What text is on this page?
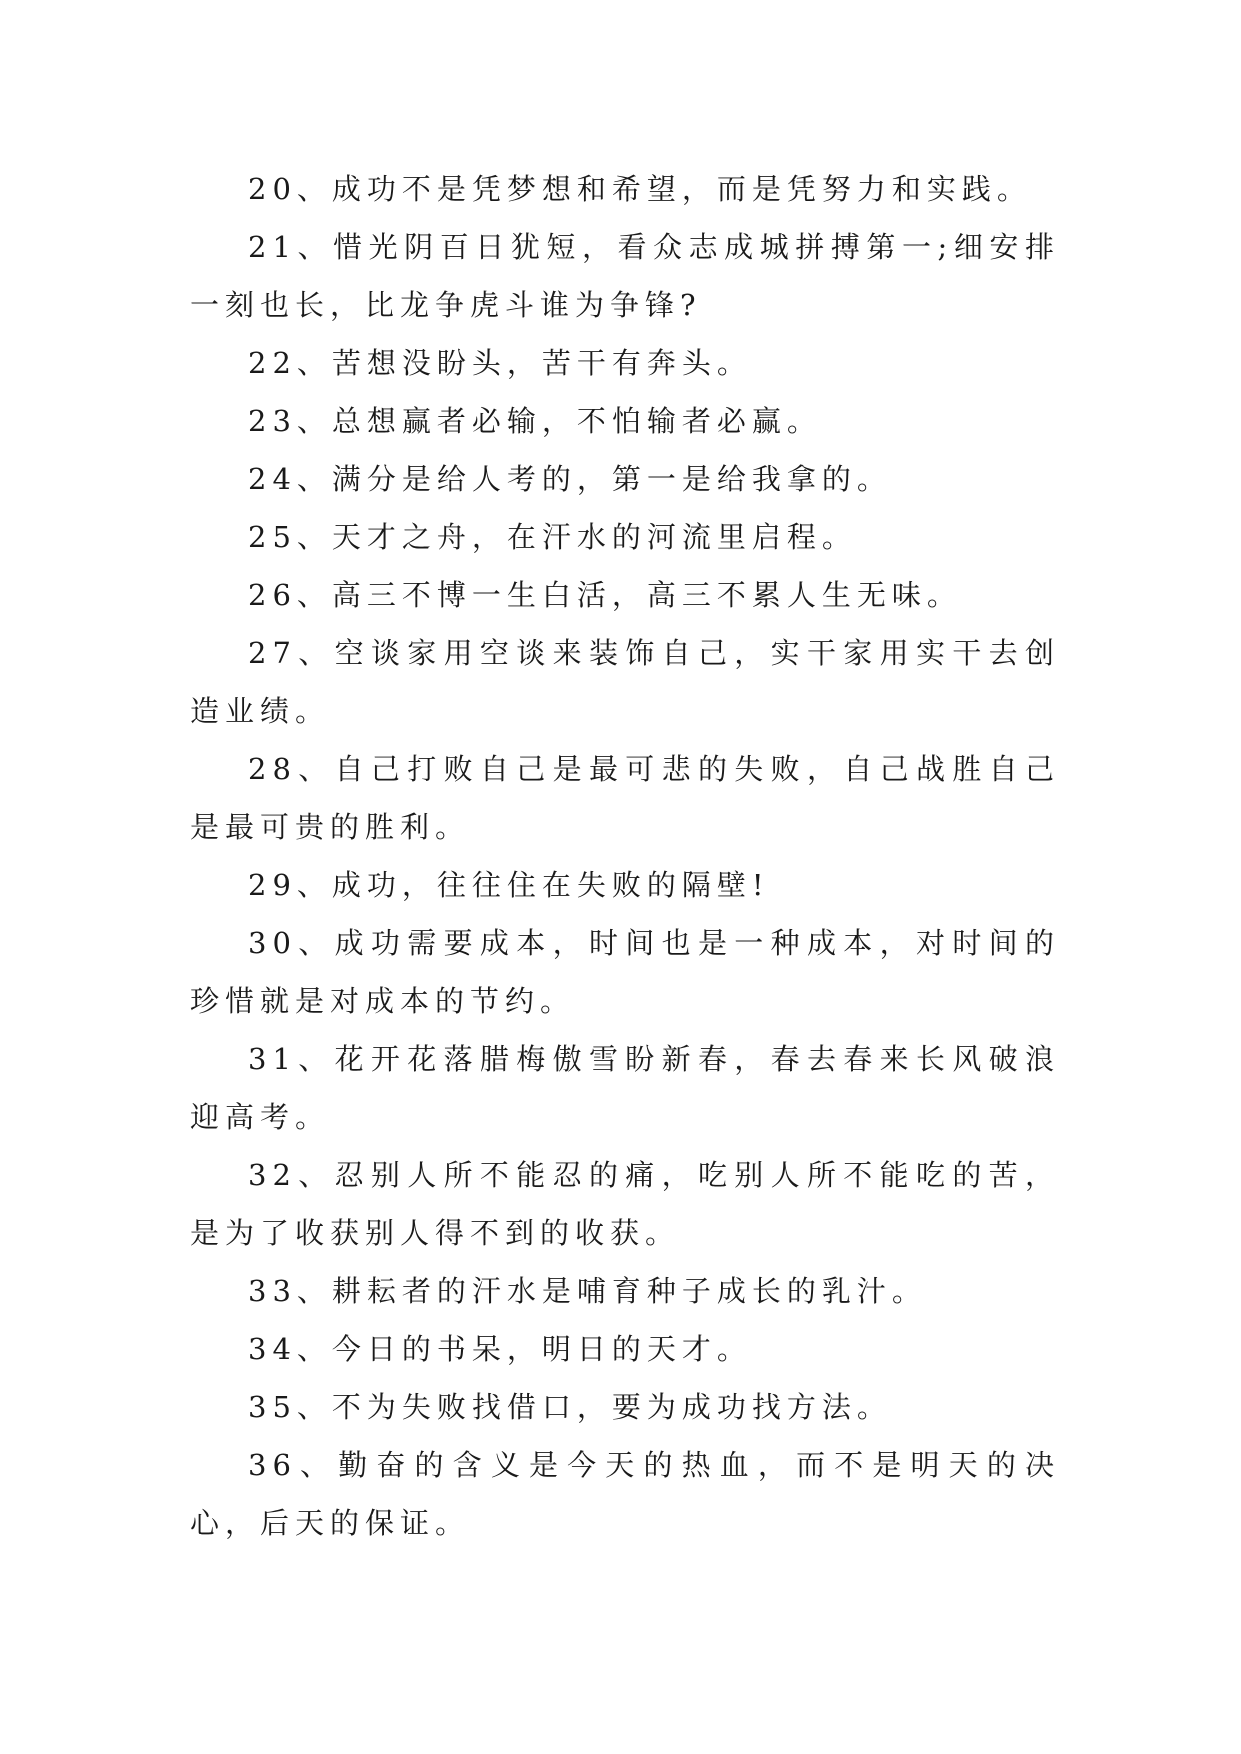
20、成功不是凭梦想和希望，而是凭努力和实践。

21、惜光阴百日犹短，看众志成城拼搏第一;细安排一刻也长，比龙争虎斗谁为争锋?

22、苦想没盼头，苦干有奔头。

23、总想赢者必输，不怕输者必赢。

24、满分是给人考的，第一是给我拿的。

25、天才之舟，在汗水的河流里启程。

26、高三不博一生白活，高三不累人生无味。

27、空谈家用空谈来装饰自己，实干家用实干去创造业绩。

28、自己打败自己是最可悲的失败，自己战胜自己是最可贵的胜利。

29、成功，往往住在失败的隔壁!

30、成功需要成本，时间也是一种成本，对时间的珍惜就是对成本的节约。

31、花开花落腊梅傲雪盼新春，春去春来长风破浪迎高考。

32、忍别人所不能忍的痛，吃别人所不能吃的苦，是为了收获别人得不到的收获。

33、耕耘者的汗水是哺育种子成长的乳汁。

34、今日的书呆，明日的天才。

35、不为失败找借口，要为成功找方法。

36、勤奋的含义是今天的热血，而不是明天的决心，后天的保证。
